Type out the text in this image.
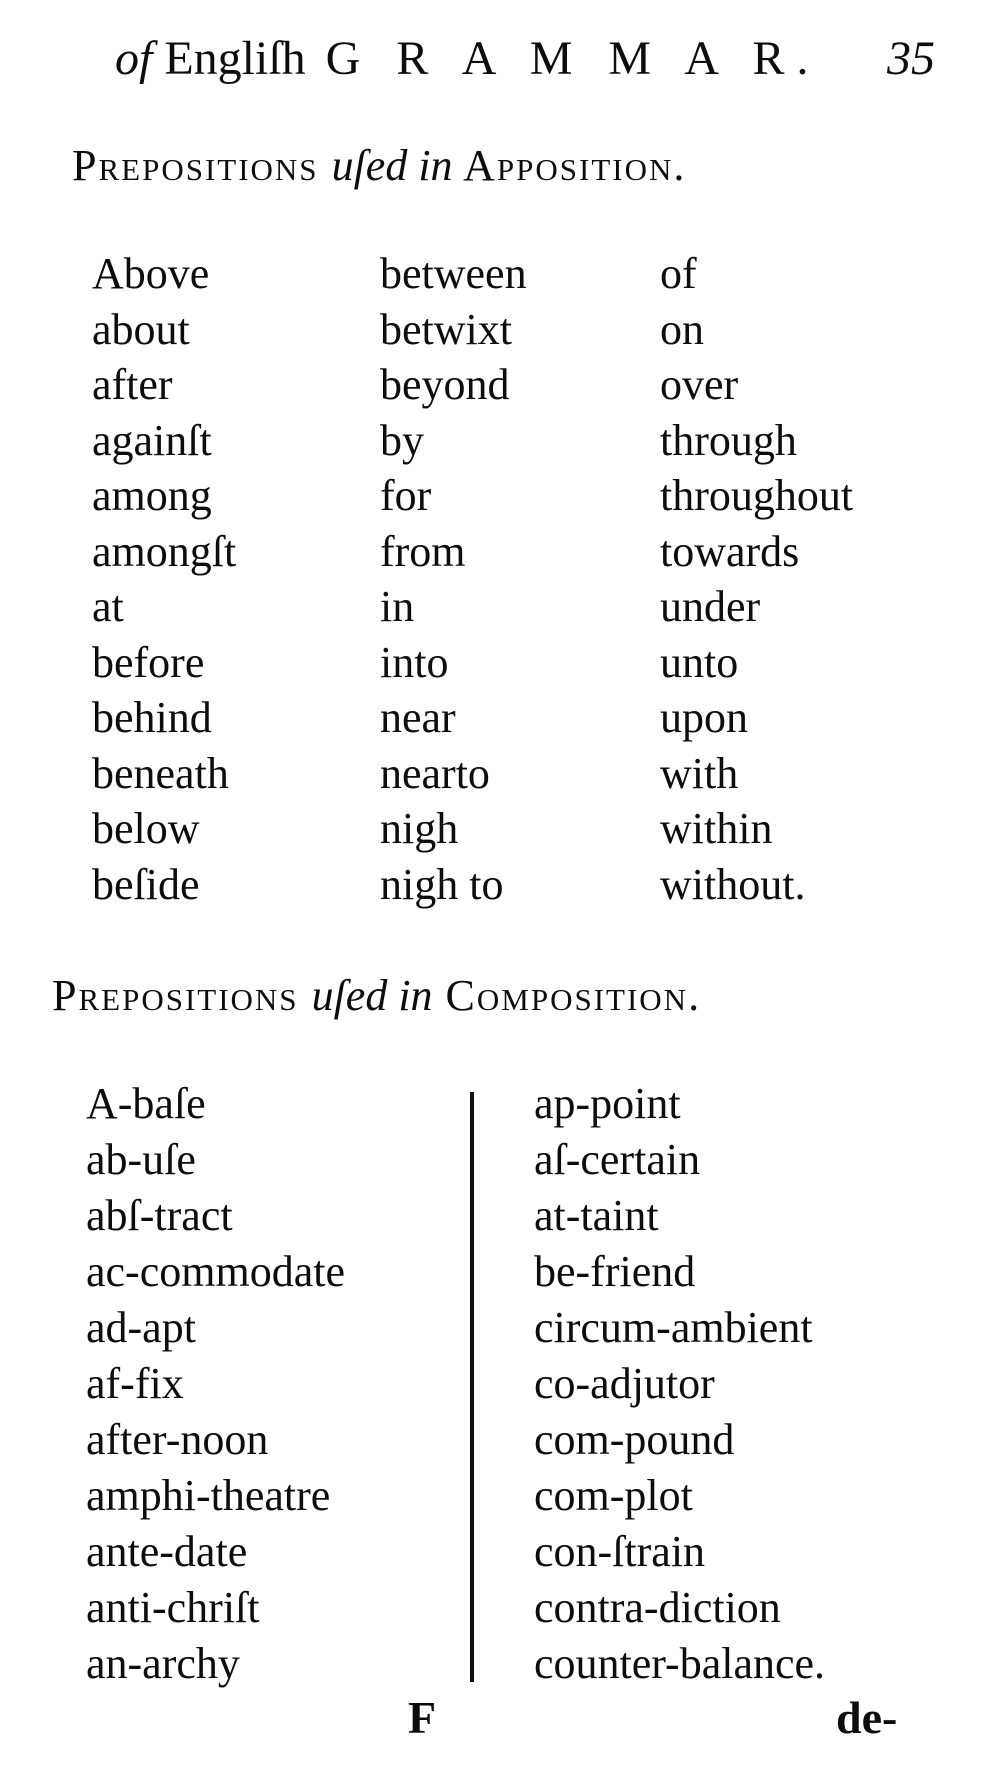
of Engliſh G R A M M A R. 35
Prepositions uſed in Apposition.
Above
about
after
againſt
among
amongſt
at
before
behind
beneath
below
beſide
between
betwixt
beyond
by
for
from
in
into
near
nearto
nigh
nigh to
of
on
over
through
throughout
towards
under
unto
upon
with
within
without.
Prepositions uſed in Composition.
A-baſe
ab-uſe
abſ-tract
ac-commodate
ad-apt
af-fix
after-noon
amphi-theatre
ante-date
anti-chriſt
an-archy
ap-point
aſ-certain
at-taint
be-friend
circum-ambient
co-adjutor
com-pound
com-plot
con-ſtrain
contra-diction
counter-balance.
F	de-
